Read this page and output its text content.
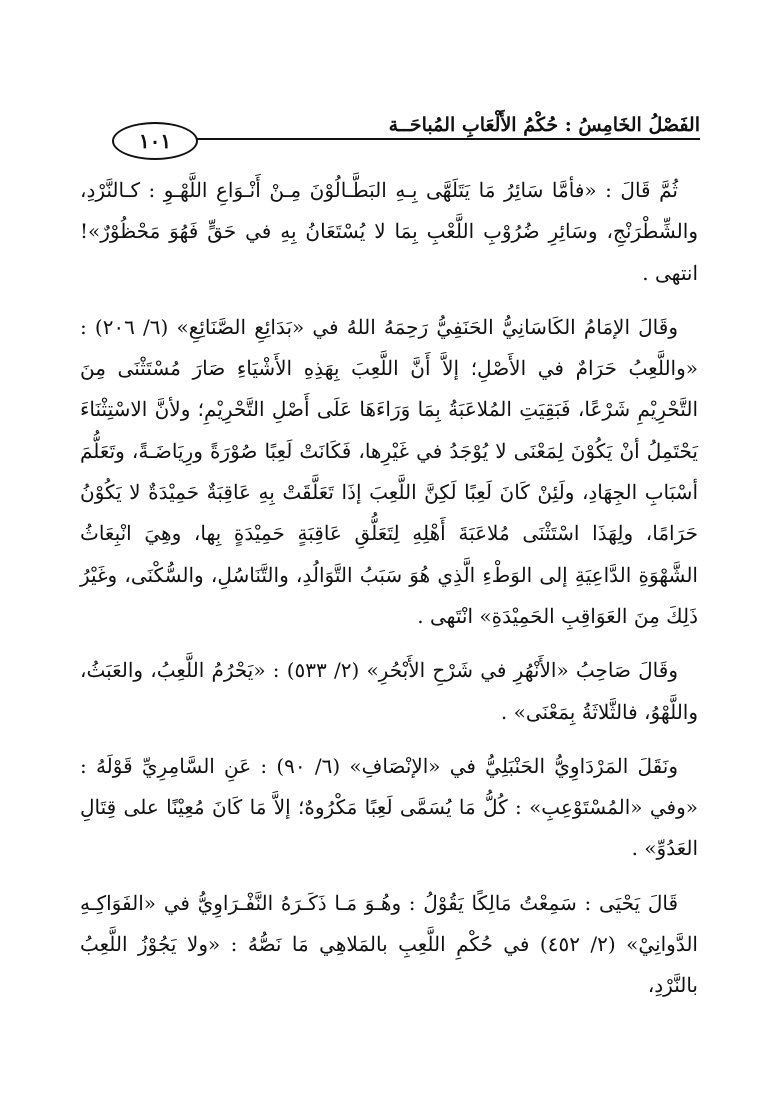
الفَصْلُ الخَامِسُ : حُكْمُ الأَلْعَابِ المُباحَــة
١٠١

ثُمَّ قَالَ : «فأمَّا سَائِرُ مَا يَتَلَهَّى بِـهِ البَطَّـالُوْنَ مِـنْ أَنْـوَاعِ اللَّهْـوِ : كـالنَّرْدِ، والشِّطْرَنْجِ، وسَائِرِ ضُرُوْبِ اللَّعْبِ بِمَا لا يُسْتَعَانُ بِهِ في حَقٍّ فَهُوَ مَحْظُوْرٌ»! انتهى .

وقَالَ الإمَامُ الكَاسَانِيُّ الحَنَفِيُّ رَحِمَهُ اللهُ في «بَدَائِعِ الصَّنَائِعِ» (٦/ ٢٠٦) : «واللَّعِبُ حَرَامٌ في الأَصْلِ؛ إلاَّ أَنَّ اللَّعِبَ بِهَذِهِ الأَشْيَاءِ صَارَ مُسْتَثْنَى مِنَ التَّحْرِيْمِ شَرْعًا، فَبَقِيَتِ المُلاعَبَةُ بِمَا وَرَاءَهَا عَلَى أَصْلِ التَّحْرِيْمِ؛ ولأنَّ الاسْتِثْنَاءَ يَحْتَمِلُ أنْ يَكُوْنَ لِمَعْنَى لا يُوْجَدُ في غَيْرِها، فَكَانَتْ لَعِبًا صُوْرَةً ورِيَاضَـةً، وتَعَلُّمَ أسْبَابِ الجِهَادِ، ولَئِنْ كَانَ لَعِبًا لَكِنَّ اللَّعِبَ إذَا تَعَلَّقَتْ بِهِ عَاقِبَةٌ حَمِيْدَةٌ لا يَكُوْنُ حَرَامًا، ولِهَذَا اسْتَثْنَى مُلاعَبَةَ أَهْلِهِ لِتَعَلُّقِ عَاقِبَةٍ حَمِيْدَةٍ بِها، وهِيَ انْبِعَاثُ الشَّهْوَةِ الدَّاعِيَةِ إلى الوَطْءِ الَّذِي هُوَ سَبَبُ التَّوَالُدِ، والتَّنَاسُلِ، والسُّكْنَى، وغَيْرُ ذَلِكَ مِنَ العَوَاقِبِ الحَمِيْدَةِ» انْتَهى .

وقَالَ صَاحِبُ «الأَنْهُرِ في شَرْحِ الأَبْحُرِ» (٢/ ٥٣٣) : «يَحْرُمُ اللَّعِبُ، والعَبَثُ، واللَّهْوُ، فالثَّلاثَةُ بِمَعْنَى» .

ونَقَلَ المَرْدَاوِيُّ الحَنْبَلِيُّ في «الإنْصَافِ» (٦/ ٩٠) : عَنِ السَّامِرِيِّ قَوْلَهُ : «وفي «المُسْتَوْعِبِ» : كُلُّ مَا يُسَمَّى لَعِبًا مَكْرُوهٌ؛ إلاَّ مَا كَانَ مُعِيْنًا على قِتَالِ العَدُوِّ» .

قَالَ يَحْيَى : سَمِعْتُ مَالِكًا يَقُوْلُ : وهُـوَ مَـا ذَكَـرَهُ النَّفْـرَاوِيُّ في «الفَوَاكِـهِ الدَّوانِيْ» (٢/ ٤٥٢) في حُكْمِ اللَّعِبِ بالمَلاهِي مَا نَصُّهُ : «ولا يَجُوْزُ اللَّعِبُ بالنَّرْدِ،
